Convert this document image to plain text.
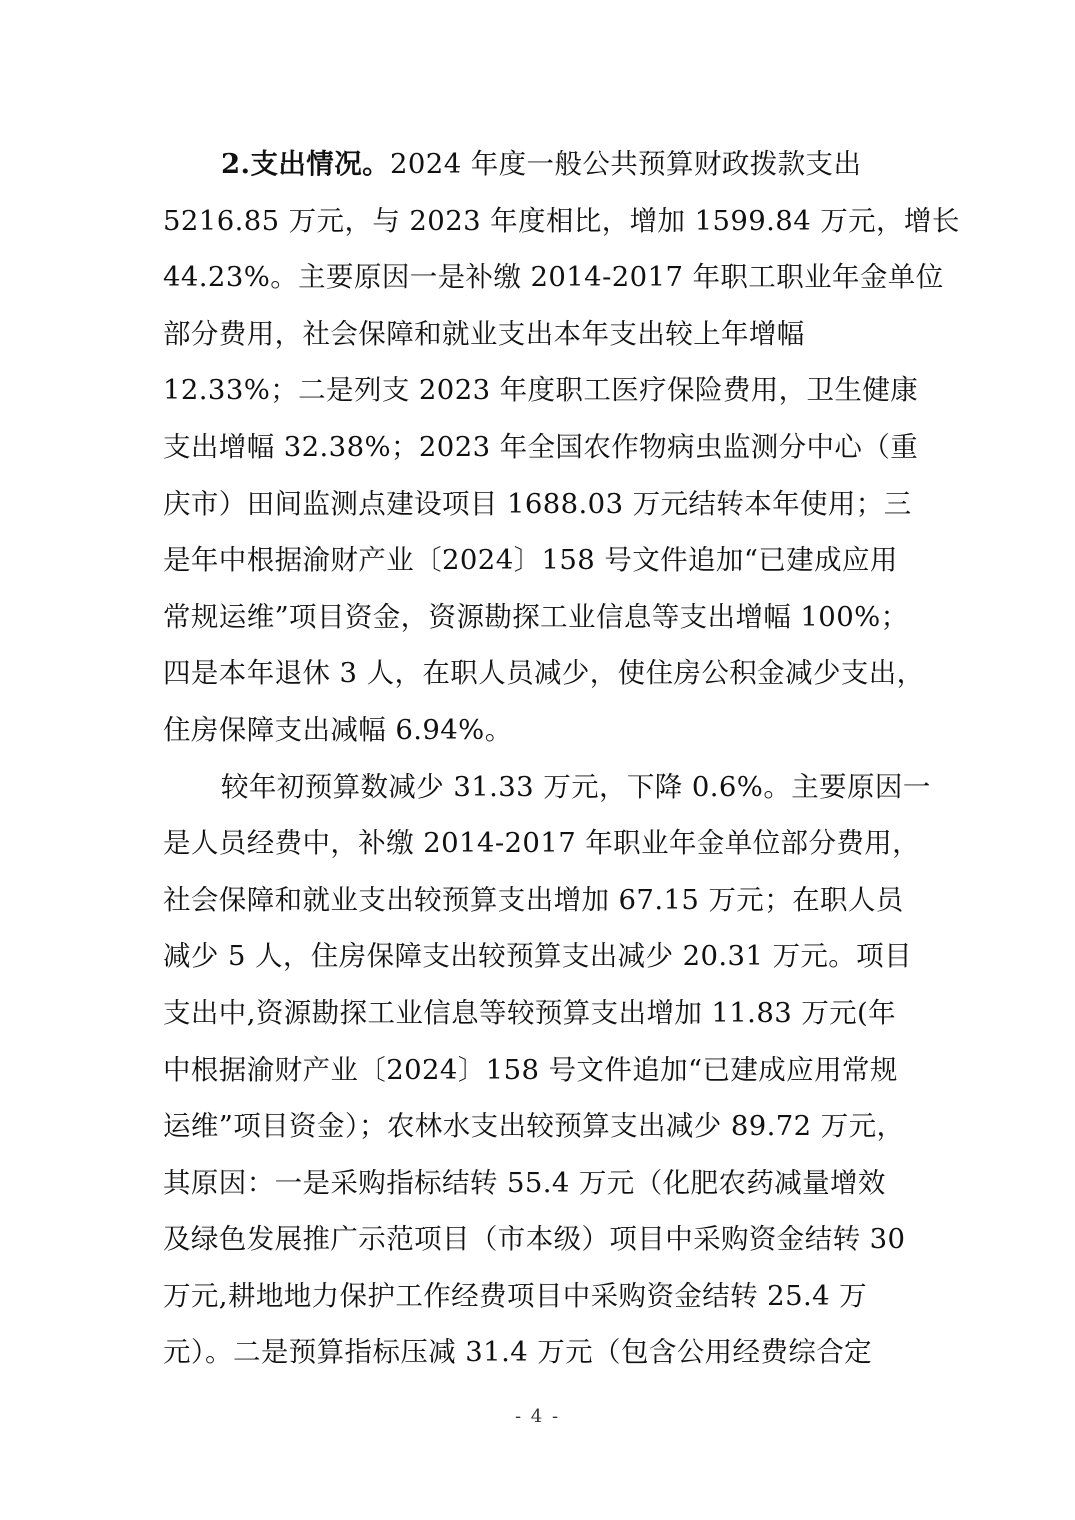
2.支出情况。2024 年度一般公共预算财政拨款支出
5216.85 万元，与 2023 年度相比，增加 1599.84 万元，增长
44.23%。主要原因一是补缴 2014-2017 年职工职业年金单位
部分费用，社会保障和就业支出本年支出较上年增幅
12.33%；二是列支 2023 年度职工医疗保险费用，卫生健康
支出增幅 32.38%；2023 年全国农作物病虫监测分中心（重
庆市）田间监测点建设项目 1688.03 万元结转本年使用；三
是年中根据渝财产业〔2024〕158 号文件追加“已建成应用
常规运维”项目资金，资源勘探工业信息等支出增幅 100%；
四是本年退休 3 人，在职人员减少，使住房公积金减少支出，
住房保障支出减幅 6.94%。
较年初预算数减少 31.33 万元，下降 0.6%。主要原因一
是人员经费中，补缴 2014-2017 年职业年金单位部分费用，
社会保障和就业支出较预算支出增加 67.15 万元；在职人员
减少 5 人，住房保障支出较预算支出减少 20.31 万元。项目
支出中,资源勘探工业信息等较预算支出增加 11.83 万元(年
中根据渝财产业〔2024〕158 号文件追加“已建成应用常规
运维”项目资金）；农林水支出较预算支出减少 89.72 万元，
其原因：一是采购指标结转 55.4 万元（化肥农药减量增效
及绿色发展推广示范项目（市本级）项目中采购资金结转 30
万元,耕地地力保护工作经费项目中采购资金结转 25.4 万
元）。二是预算指标压减 31.4 万元（包含公用经费综合定
- 4 -
